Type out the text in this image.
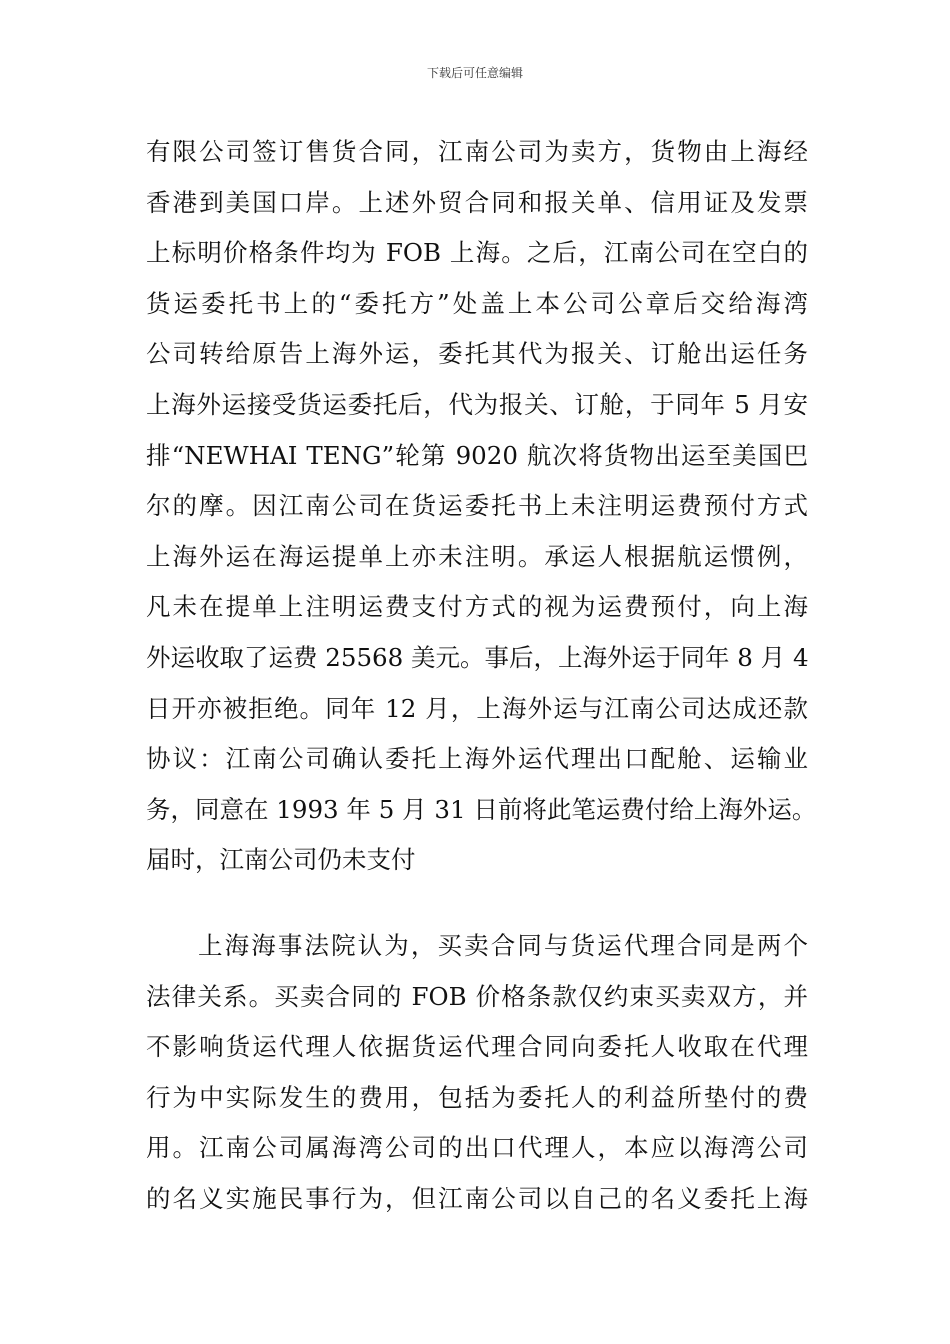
下载后可任意编辑
有限公司签订售货合同，江南公司为卖方，货物由上海经
香港到美国口岸。上述外贸合同和报关单、信用证及发票
上标明价格条件均为 FOB 上海。之后，江南公司在空白的
货运委托书上的“委托方”处盖上本公司公章后交给海湾
公司转给原告上海外运，委托其代为报关、订舱出运任务
上海外运接受货运委托后，代为报关、订舱，于同年 5 月安
排“NEWHAI TENG”轮第 9020 航次将货物出运至美国巴
尔的摩。因江南公司在货运委托书上未注明运费预付方式
上海外运在海运提单上亦未注明。承运人根据航运惯例，
凡未在提单上注明运费支付方式的视为运费预付，向上海
外运收取了运费 25568 美元。事后，上海外运于同年 8 月 4
日开亦被拒绝。同年 12 月，上海外运与江南公司达成还款
协议：江南公司确认委托上海外运代理出口配舱、运输业
务，同意在 1993 年 5 月 31 日前将此笔运费付给上海外运。
届时，江南公司仍未支付
上海海事法院认为，买卖合同与货运代理合同是两个
法律关系。买卖合同的 FOB 价格条款仅约束买卖双方，并
不影响货运代理人依据货运代理合同向委托人收取在代理
行为中实际发生的费用，包括为委托人的利益所垫付的费
用。江南公司属海湾公司的出口代理人，本应以海湾公司
的名义实施民事行为，但江南公司以自己的名义委托上海
